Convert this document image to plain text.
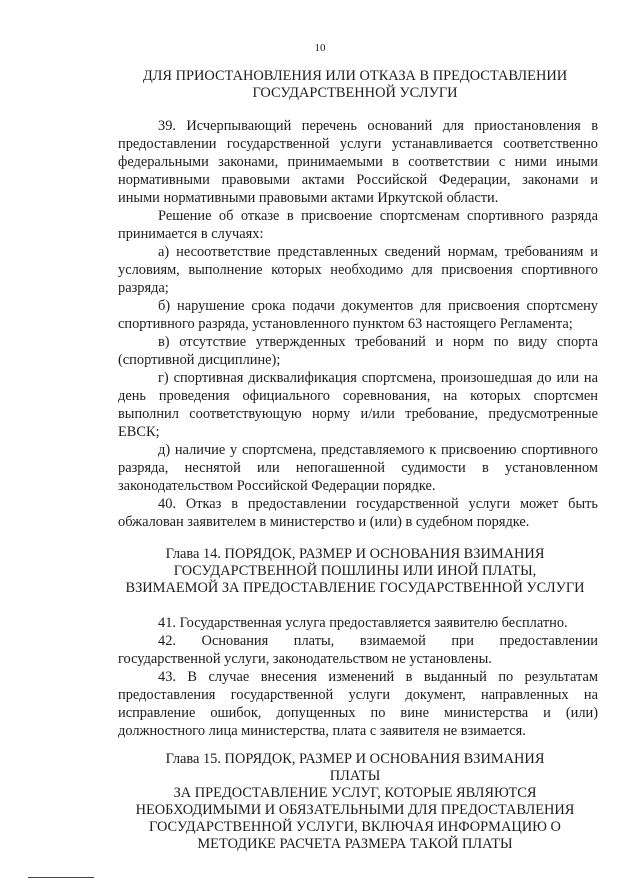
10
ДЛЯ ПРИОСТАНОВЛЕНИЯ ИЛИ ОТКАЗА В ПРЕДОСТАВЛЕНИИ
ГОСУДАРСТВЕННОЙ УСЛУГИ
39. Исчерпывающий перечень оснований для приостановления в
предоставлении государственной услуги устанавливается соответственно
федеральными законами, принимаемыми в соответствии с ними иными
нормативными правовыми актами Российской Федерации, законами и
иными нормативными правовыми актами Иркутской области.
Решение об отказе в присвоение спортсменам спортивного разряда
принимается в случаях:
а) несоответствие представленных сведений нормам, требованиям и
условиям, выполнение которых необходимо для присвоения спортивного
разряда;
б) нарушение срока подачи документов для присвоения спортсмену
спортивного разряда, установленного пунктом 63 настоящего Регламента;
в) отсутствие утвержденных требований и норм по виду спорта
(спортивной дисциплине);
г) спортивная дисквалификация спортсмена, произошедшая до или на
день проведения официального соревнования, на которых спортсмен
выполнил соответствующую норму и/или требование, предусмотренные
ЕВСК;
д) наличие у спортсмена, представляемого к присвоению спортивного
разряда, неснятой или непогашенной судимости в установленном
законодательством Российской Федерации порядке.
40. Отказ в предоставлении государственной услуги может быть
обжалован заявителем в министерство и (или) в судебном порядке.
Глава 14. ПОРЯДОК, РАЗМЕР И ОСНОВАНИЯ ВЗИМАНИЯ
ГОСУДАРСТВЕННОЙ ПОШЛИНЫ ИЛИ ИНОЙ ПЛАТЫ,
ВЗИМАЕМОЙ ЗА ПРЕДОСТАВЛЕНИЕ ГОСУДАРСТВЕННОЙ УСЛУГИ
41. Государственная услуга предоставляется заявителю бесплатно.
42. Основания платы, взимаемой при предоставлении
государственной услуги, законодательством не установлены.
43. В случае внесения изменений в выданный по результатам
предоставления государственной услуги документ, направленных на
исправление ошибок, допущенных по вине министерства и (или)
должностного лица министерства, плата с заявителя не взимается.
Глава 15. ПОРЯДОК, РАЗМЕР И ОСНОВАНИЯ ВЗИМАНИЯ
ПЛАТЫ
ЗА ПРЕДОСТАВЛЕНИЕ УСЛУГ, КОТОРЫЕ ЯВЛЯЮТСЯ
НЕОБХОДИМЫМИ И ОБЯЗАТЕЛЬНЫМИ ДЛЯ ПРЕДОСТАВЛЕНИЯ
ГОСУДАРСТВЕННОЙ УСЛУГИ, ВКЛЮЧАЯ ИНФОРМАЦИЮ О
МЕТОДИКЕ РАСЧЕТА РАЗМЕРА ТАКОЙ ПЛАТЫ
